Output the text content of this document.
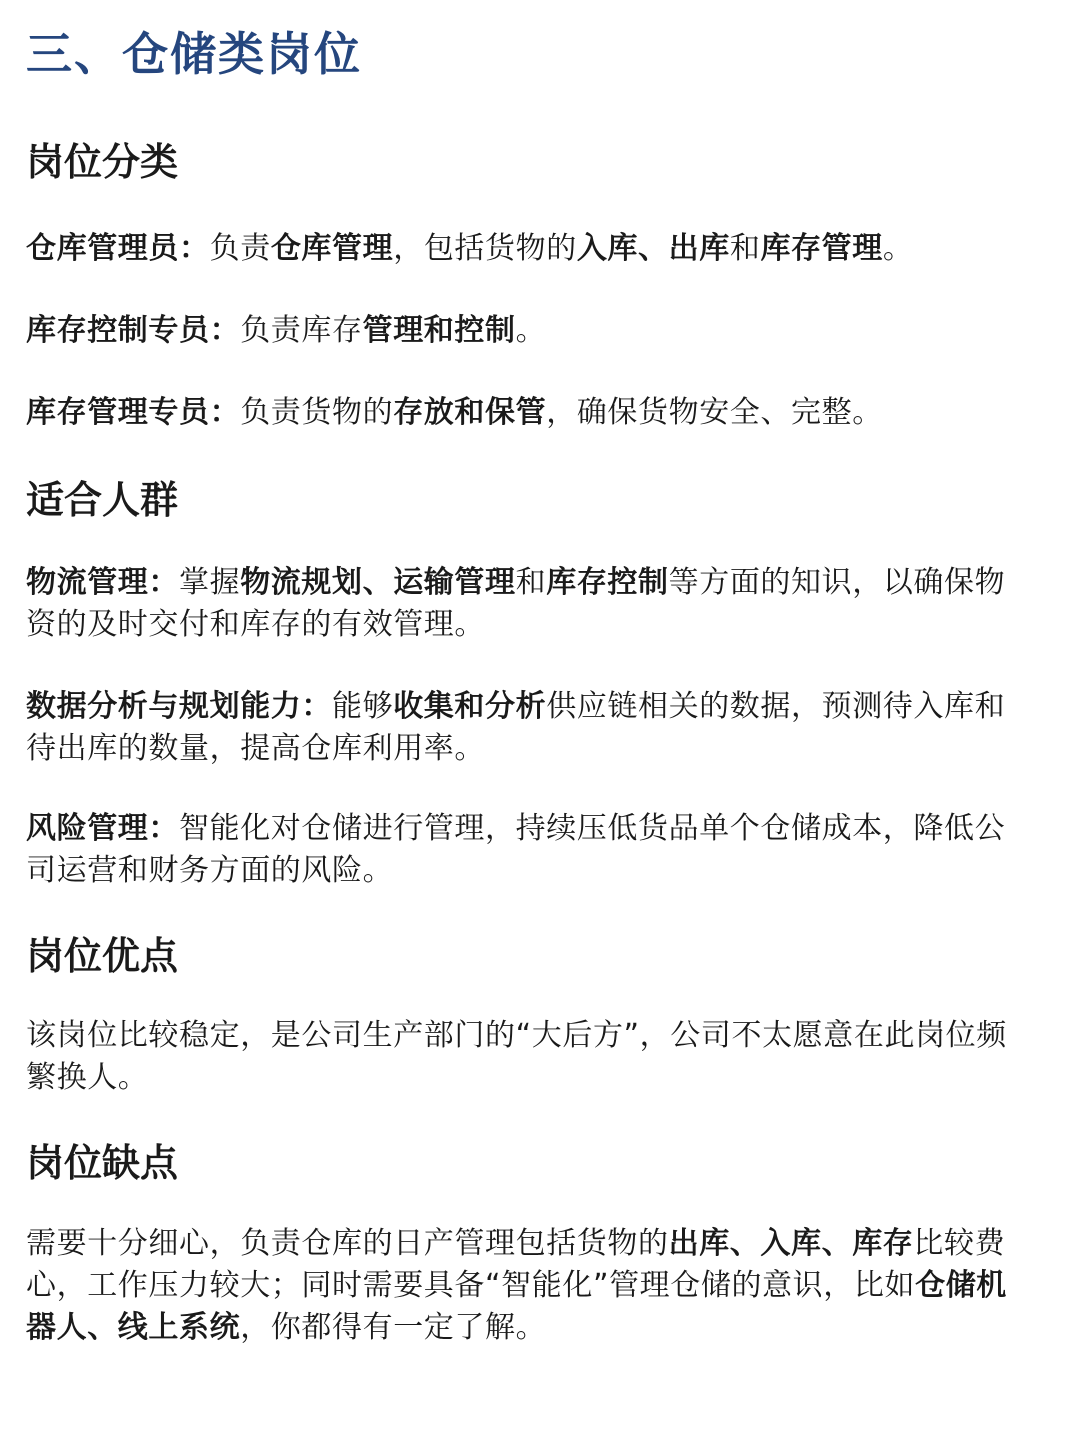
三、仓储类岗位
岗位分类

仓库管理员：负责仓库管理，包括货物的入库、出库和库存管理。

库存控制专员：负责库存管理和控制。

库存管理专员：负责货物的存放和保管，确保货物安全、完整。

适合人群

物流管理：掌握物流规划、运输管理和库存控制等方面的知识，以确保物资的及时交付和库存的有效管理。

数据分析与规划能力：能够收集和分析供应链相关的数据，预测待入库和待出库的数量，提高仓库利用率。

风险管理：智能化对仓储进行管理，持续压低货品单个仓储成本，降低公司运营和财务方面的风险。

岗位优点

该岗位比较稳定，是公司生产部门的“大后方”，公司不太愿意在此岗位频繁换人。

岗位缺点

需要十分细心，负责仓库的日产管理包括货物的出库、入库、库存比较费心，工作压力较大；同时需要具备“智能化”管理仓储的意识，比如仓储机器人、线上系统，你都得有一定了解。
